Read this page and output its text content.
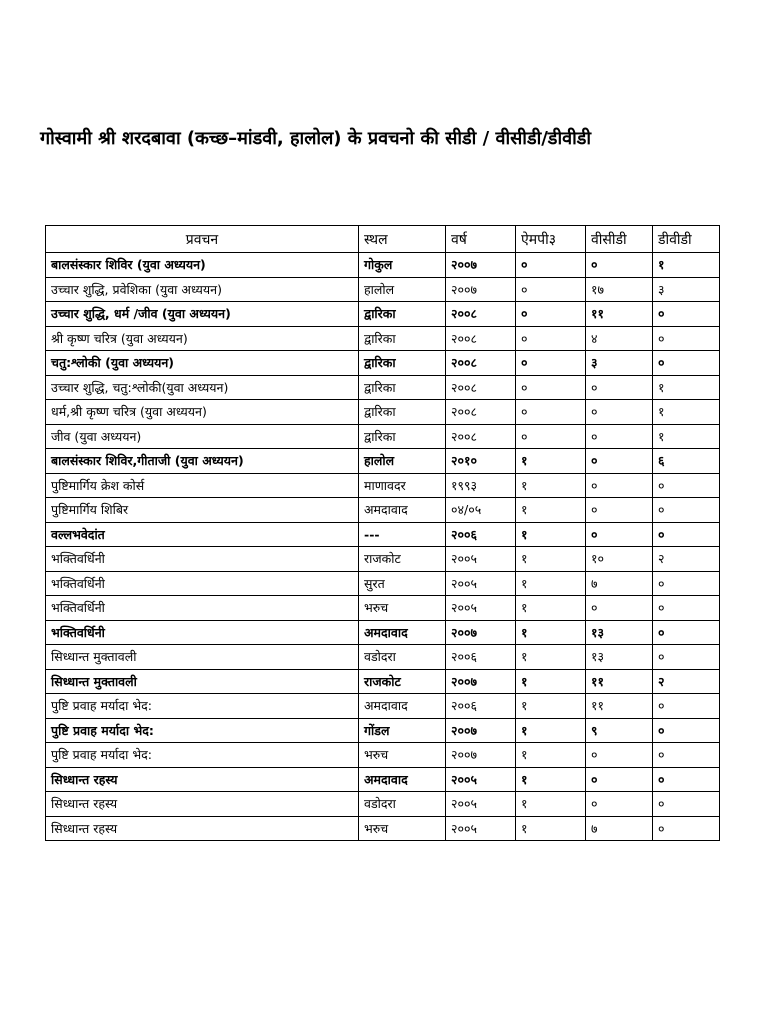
गोस्वामी श्री शरदबावा (कच्छ–मांडवी, हालोल) के प्रवचनो की सीडी / वीसीडी/डीवीडी
प्रवचन	स्थल	वर्ष	ऐमपी३	वीसीडी	डीवीडी
बालसंस्कार शिविर (युवा अध्ययन)	गोकुल	२००७	०	०	१
उच्चार शुद्धि, प्रवेशिका (युवा अध्ययन)	हालोल	२००७	०	१७	३
उच्चार शुद्धि, धर्म /जीव (युवा अध्ययन)	द्वारिका	२००८	०	११	०
श्री कृष्ण चरित्र (युवा अध्ययन)	द्वारिका	२००८	०	४	०
चतु:श्लोकी (युवा अध्ययन)	द्वारिका	२००८	०	३	०
उच्चार शुद्धि, चतु:श्लोकी(युवा अध्ययन)	द्वारिका	२००८	०	०	१
धर्म,श्री कृष्ण चरित्र (युवा अध्ययन)	द्वारिका	२००८	०	०	१
जीव (युवा अध्ययन)	द्वारिका	२००८	०	०	१
बालसंस्कार शिविर,गीताजी (युवा अध्ययन)	हालोल	२०१०	१	०	६
पुष्टिमार्गिय क्रेश कोर्स	माणावदर	१९९३	१	०	०
पुष्टिमार्गिय शिबिर	अमदावाद	०४/०५	१	०	०
वल्लभवेदांत	---	२००६	१	०	०
भक्तिवर्धिनी	राजकोट	२००५	१	१०	२
भक्तिवर्धिनी	सुरत	२००५	१	७	०
भक्तिवर्धिनी	भरुच	२००५	१	०	०
भक्तिवर्धिनी	अमदावाद	२००७	१	१३	०
सिध्धान्त मुक्तावली	वडोदरा	२००६	१	१३	०
सिध्धान्त मुक्तावली	राजकोट	२००७	१	११	२
पुष्टि प्रवाह मर्यादा भेद:	अमदावाद	२००६	१	११	०
पुष्टि प्रवाह मर्यादा भेद:	गोंडल	२००७	१	९	०
पुष्टि प्रवाह मर्यादा भेद:	भरुच	२००७	१	०	०
सिध्धान्त रहस्य	अमदावाद	२००५	१	०	०
सिध्धान्त रहस्य	वडोदरा	२००५	१	०	०
सिध्धान्त रहस्य	भरुच	२००५	१	७	०
